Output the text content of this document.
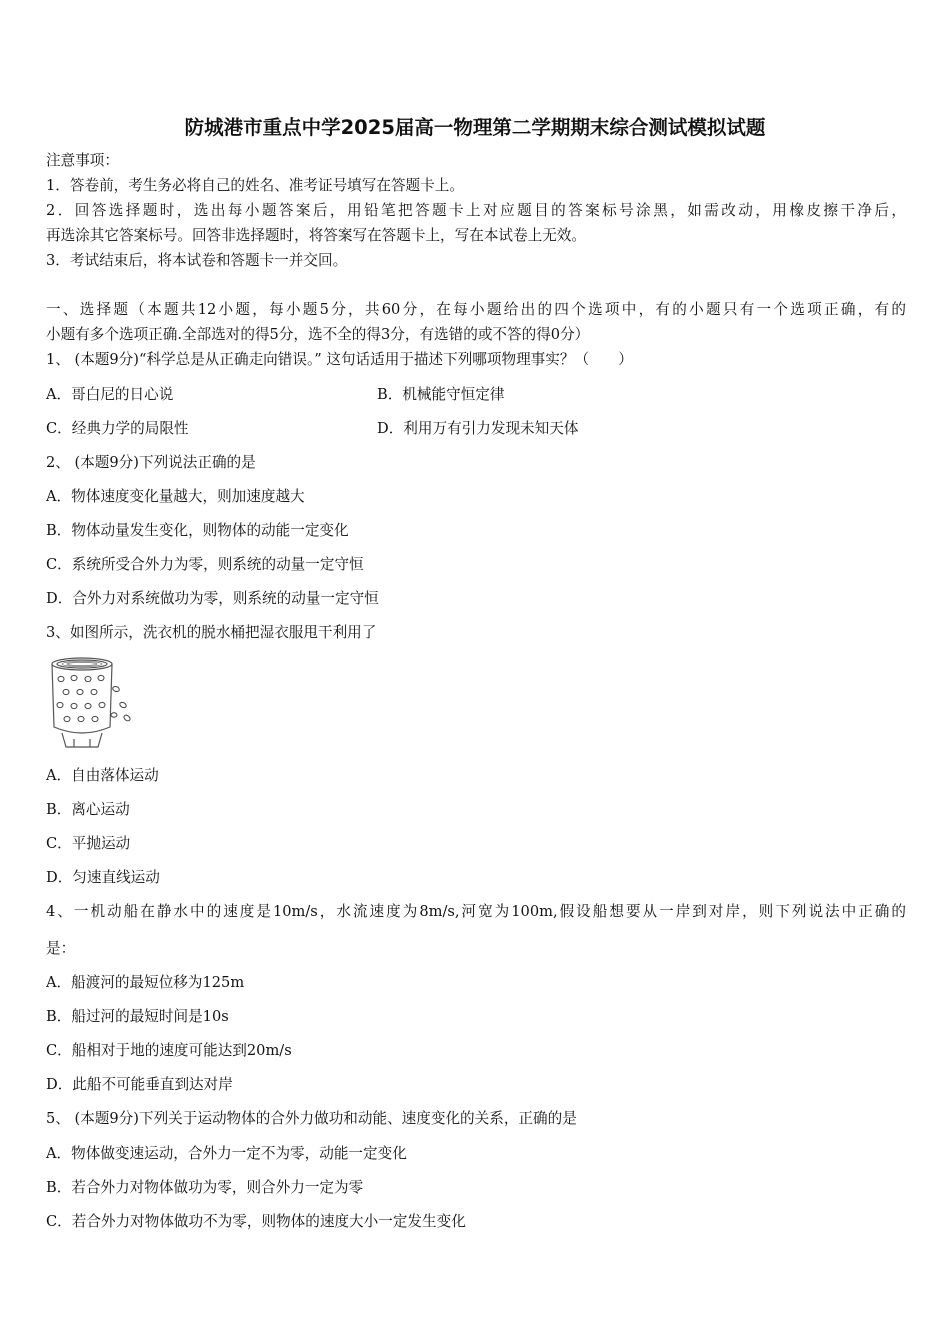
防城港市重点中学2025届高一物理第二学期期末综合测试模拟试题
注意事项：
1．答卷前，考生务必将自己的姓名、准考证号填写在答题卡上。
2．回答选择题时，选出每小题答案后，用铅笔把答题卡上对应题目的答案标号涂黑，如需改动，用橡皮擦干净后，
再选涂其它答案标号。回答非选择题时，将答案写在答题卡上，写在本试卷上无效。
3．考试结束后，将本试卷和答题卡一并交回。
一、选择题（本题共12小题，每小题5分，共60分，在每小题给出的四个选项中，有的小题只有一个选项正确，有的
小题有多个选项正确.全部选对的得5分，选不全的得3分，有选错的或不答的得0分）
1、 (本题9分)“科学总是从正确走向错误。” 这句话适用于描述下列哪项物理事实？（　　）
A．哥白尼的日心说	B．机械能守恒定律
C．经典力学的局限性	D．利用万有引力发现未知天体
2、 (本题9分)下列说法正确的是
A．物体速度变化量越大，则加速度越大
B．物体动量发生变化，则物体的动能一定变化
C．系统所受合外力为零，则系统的动量一定守恒
D．合外力对系统做功为零，则系统的动量一定守恒
3、如图所示，洗衣机的脱水桶把湿衣服甩干利用了
A．自由落体运动
B．离心运动
C．平抛运动
D．匀速直线运动
4、一机动船在静水中的速度是10m/s，水流速度为8m/s,河宽为100m,假设船想要从一岸到对岸，则下列说法中正确的
是：
A．船渡河的最短位移为125m
B．船过河的最短时间是10s
C．船相对于地的速度可能达到20m/s
D．此船不可能垂直到达对岸
5、 (本题9分)下列关于运动物体的合外力做功和动能、速度变化的关系，正确的是
A．物体做变速运动，合外力一定不为零，动能一定变化
B．若合外力对物体做功为零，则合外力一定为零
C．若合外力对物体做功不为零，则物体的速度大小一定发生变化
